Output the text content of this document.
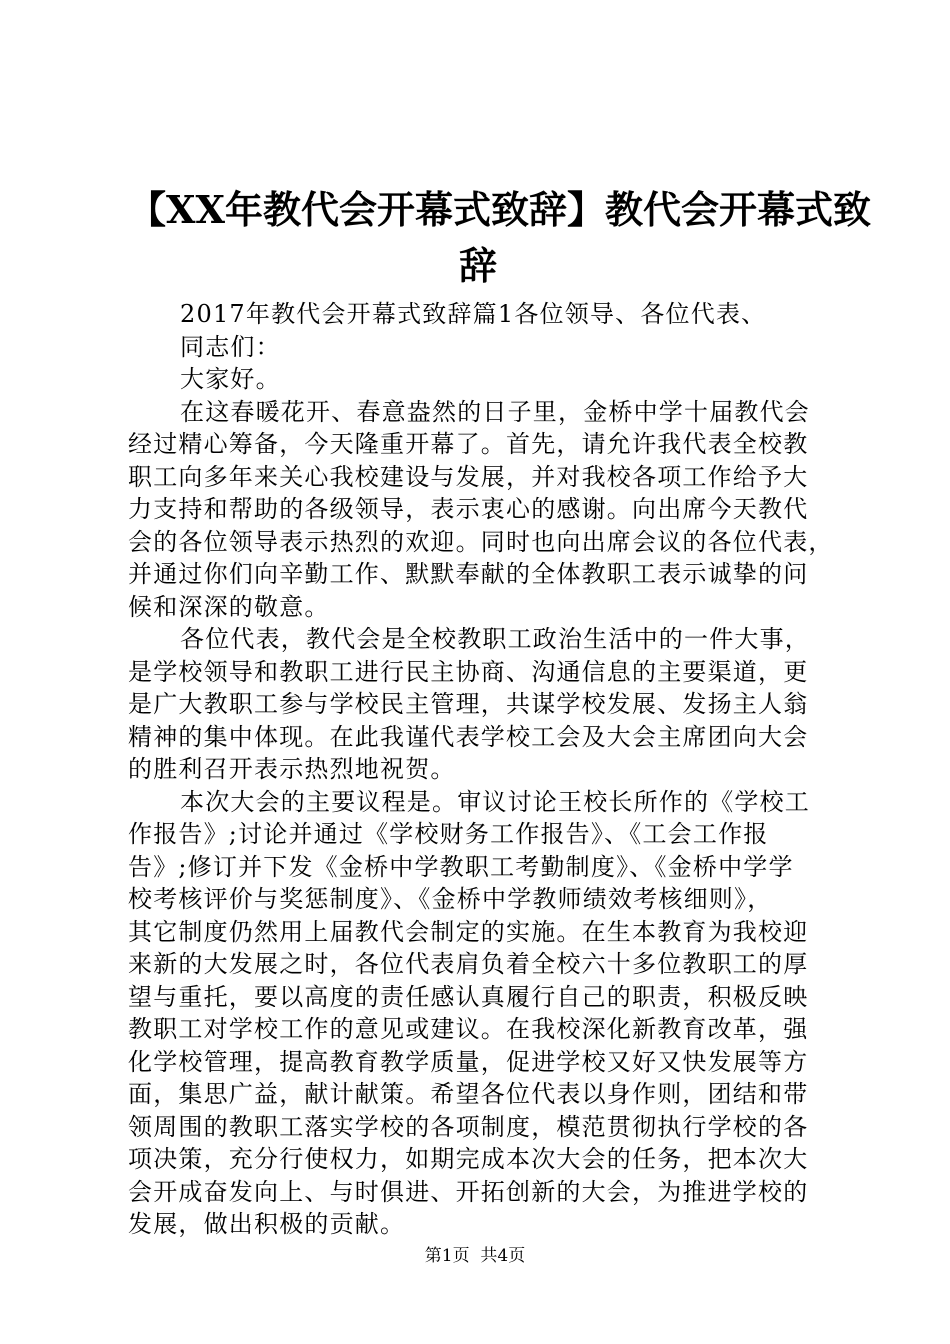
【XX年教代会开幕式致辞】教代会开幕式致
辞
2017年教代会开幕式致辞篇1各位领导、各位代表、
同志们：
大家好。
在这春暖花开、春意盎然的日子里，金桥中学十届教代会
经过精心筹备，今天隆重开幕了。首先，请允许我代表全校教
职工向多年来关心我校建设与发展，并对我校各项工作给予大
力支持和帮助的各级领导，表示衷心的感谢。向出席今天教代
会的各位领导表示热烈的欢迎。同时也向出席会议的各位代表，
并通过你们向辛勤工作、默默奉献的全体教职工表示诚挚的问
候和深深的敬意。
各位代表，教代会是全校教职工政治生活中的一件大事，
是学校领导和教职工进行民主协商、沟通信息的主要渠道，更
是广大教职工参与学校民主管理，共谋学校发展、发扬主人翁
精神的集中体现。在此我谨代表学校工会及大会主席团向大会
的胜利召开表示热烈地祝贺。
本次大会的主要议程是。审议讨论王校长所作的《学校工
作报告》;讨论并通过《学校财务工作报告》、《工会工作报
告》;修订并下发《金桥中学教职工考勤制度》、《金桥中学学
校考核评价与奖惩制度》、《金桥中学教师绩效考核细则》，
其它制度仍然用上届教代会制定的实施。在生本教育为我校迎
来新的大发展之时，各位代表肩负着全校六十多位教职工的厚
望与重托，要以高度的责任感认真履行自己的职责，积极反映
教职工对学校工作的意见或建议。在我校深化新教育改革，强
化学校管理，提高教育教学质量，促进学校又好又快发展等方
面，集思广益，献计献策。希望各位代表以身作则，团结和带
领周围的教职工落实学校的各项制度，模范贯彻执行学校的各
项决策，充分行使权力，如期完成本次大会的任务，把本次大
会开成奋发向上、与时俱进、开拓创新的大会，为推进学校的
发展，做出积极的贡献。
第1页  共4页
